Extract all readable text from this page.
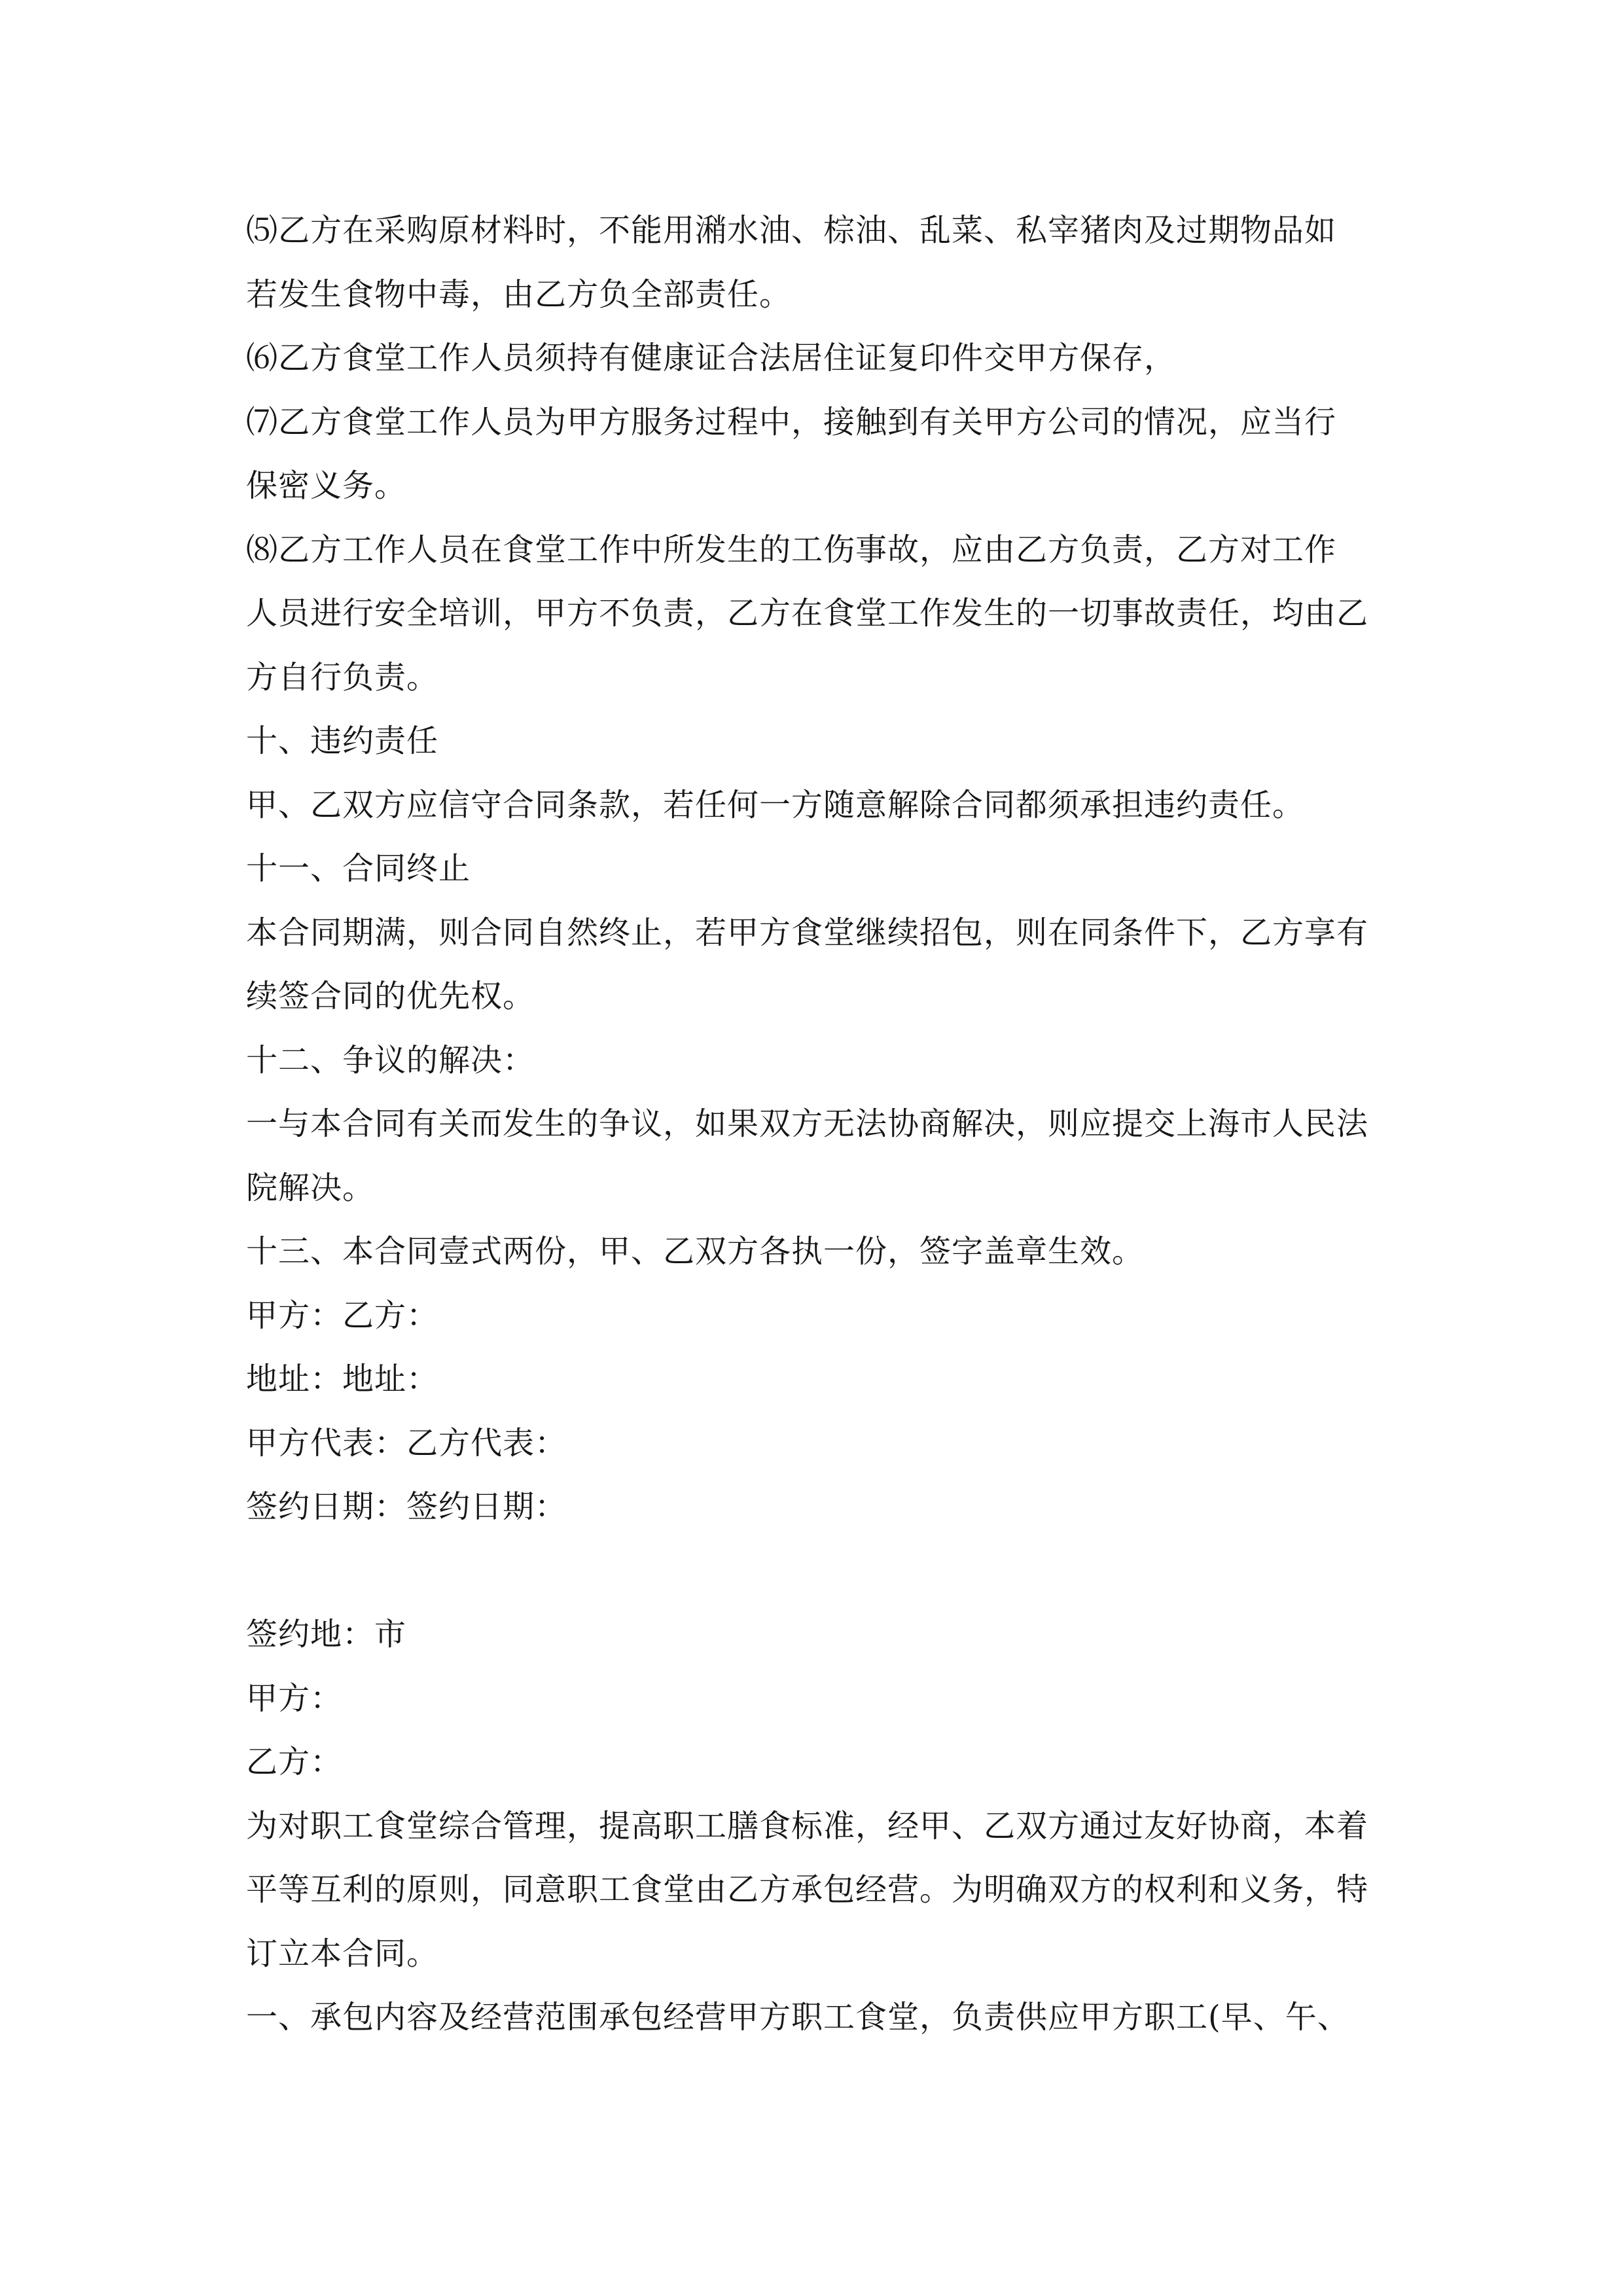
⑸乙方在采购原材料时，不能用潲水油、棕油、乱菜、私宰猪肉及过期物品如
若发生食物中毒，由乙方负全部责任。
⑹乙方食堂工作人员须持有健康证合法居住证复印件交甲方保存，
⑺乙方食堂工作人员为甲方服务过程中，接触到有关甲方公司的情况，应当行
保密义务。
⑻乙方工作人员在食堂工作中所发生的工伤事故，应由乙方负责，乙方对工作
人员进行安全培训，甲方不负责，乙方在食堂工作发生的一切事故责任，均由乙
方自行负责。
十、违约责任
甲、乙双方应信守合同条款，若任何一方随意解除合同都须承担违约责任。
十一、合同终止
本合同期满，则合同自然终止，若甲方食堂继续招包，则在同条件下，乙方享有
续签合同的优先权。
十二、争议的解决：
一与本合同有关而发生的争议，如果双方无法协商解决，则应提交上海市人民法
院解决。
十三、本合同壹式两份，甲、乙双方各执一份，签字盖章生效。
甲方：乙方：
地址：地址：
甲方代表：乙方代表：
签约日期：签约日期：
签约地：市
甲方：
乙方：
为对职工食堂综合管理，提高职工膳食标准，经甲、乙双方通过友好协商，本着
平等互利的原则，同意职工食堂由乙方承包经营。为明确双方的权利和义务，特
订立本合同。
一、承包内容及经营范围承包经营甲方职工食堂，负责供应甲方职工(早、午、
